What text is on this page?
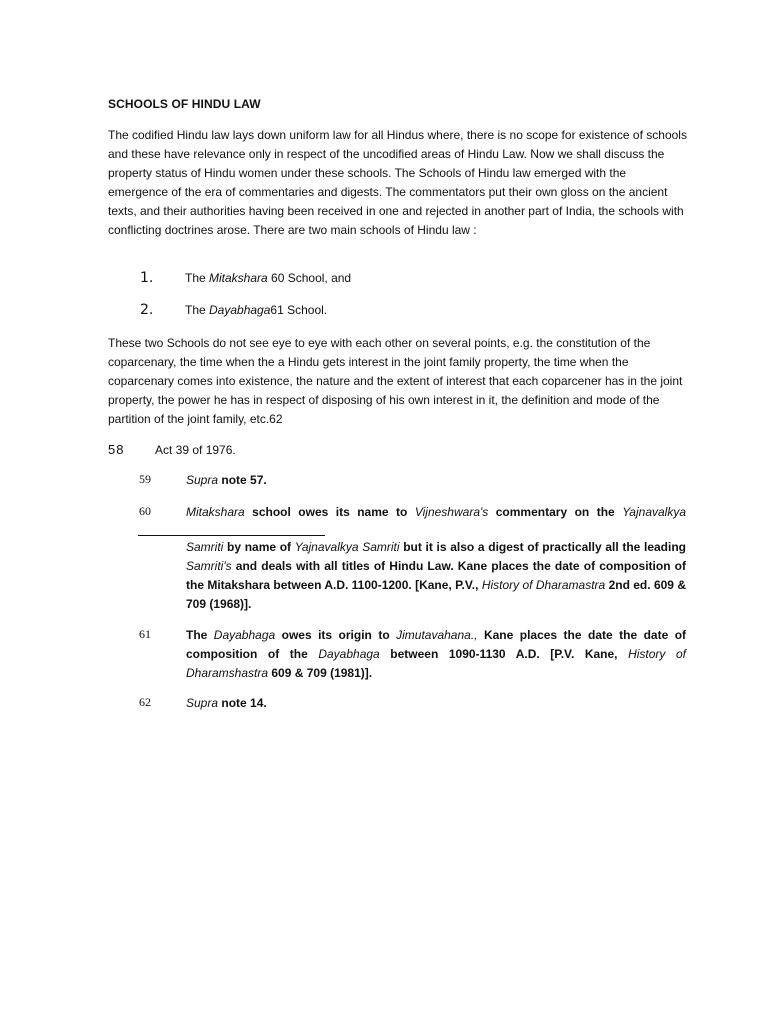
SCHOOLS OF HINDU LAW

The codified Hindu law lays down uniform law for all Hindus where, there is no scope for existence of schools and these have relevance only in respect of the uncodified areas of Hindu Law. Now we shall discuss the property status of Hindu women under these schools. The Schools of Hindu law emerged with the emergence of the era of commentaries and digests. The commentators put their own gloss on the ancient texts, and their authorities having been received in one and rejected in another part of India, the schools with conflicting doctrines arose. There are two main schools of Hindu law :

1.	The Mitakshara 60 School, and
2.	The Dayabhaga61 School.

These two Schools do not see eye to eye with each other on several points, e.g. the constitution of the coparcenary, the time when the a Hindu gets interest in the joint family property, the time when the coparcenary comes into existence, the nature and the extent of interest that each coparcener has in the joint property, the power he has in respect of disposing of his own interest in it, the definition and mode of the partition of the joint family, etc.62

58	Act 39 of 1976.
59	Supra note 57.
60	Mitakshara school owes its name to Vijneshwara's commentary on the Yajnavalkya
Samriti by name of Yajnavalkya Samriti but it is also a digest of practically all the leading Samriti's and deals with all titles of Hindu Law. Kane places the date of composition of the Mitakshara between A.D. 1100-1200. [Kane, P.V., History of Dharamastra 2nd ed. 609 & 709 (1968)].
61	The Dayabhaga owes its origin to Jimutavahana., Kane places the date the date of composition of the Dayabhaga between 1090-1130 A.D. [P.V. Kane, History of Dharamshastra 609 & 709 (1981)].
62	Supra note 14.
